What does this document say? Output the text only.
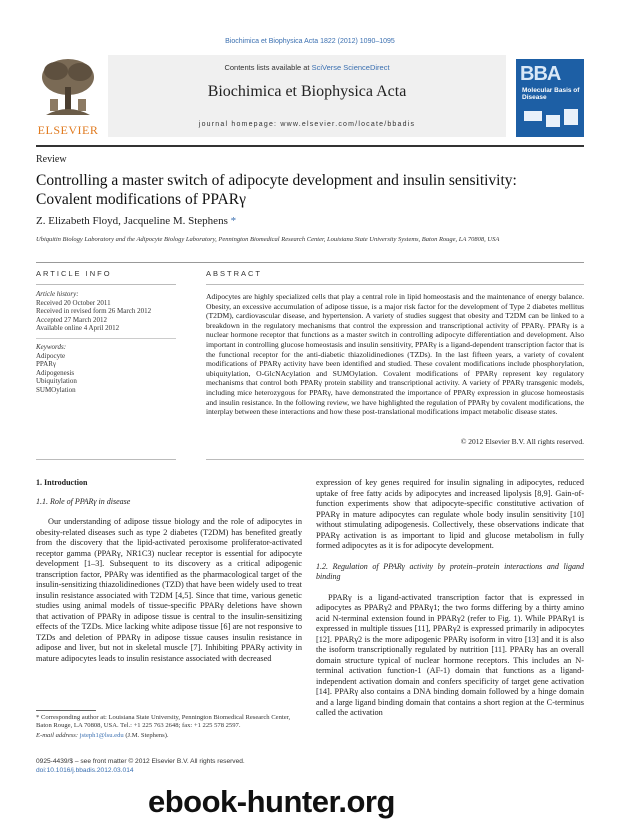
Biochimica et Biophysica Acta 1822 (2012) 1090–1095
ELSEVIER
Contents lists available at SciVerse ScienceDirect
Biochimica et Biophysica Acta
journal homepage: www.elsevier.com/locate/bbadis
BBA
Molecular Basis of Disease
Review
Controlling a master switch of adipocyte development and insulin sensitivity:
Covalent modifications of PPARγ
Z. Elizabeth Floyd, Jacqueline M. Stephens *
Ubiquitin Biology Laboratory and the Adipocyte Biology Laboratory, Pennington Biomedical Research Center, Louisiana State University Systems, Baton Rouge, LA 70808, USA
ARTICLE INFO	ABSTRACT
Article history:
Received 20 October 2011
Received in revised form 26 March 2012
Accepted 27 March 2012
Available online 4 April 2012
Keywords:
Adipocyte
PPARγ
Adipogenesis
Ubiquitylation
SUMOylation
Adipocytes are highly specialized cells that play a central role in lipid homeostasis and the maintenance of energy balance. Obesity, an excessive accumulation of adipose tissue, is a major risk factor for the development of Type 2 diabetes mellitus (T2DM), cardiovascular disease, and hypertension. A variety of studies suggest that obesity and T2DM can be linked to a breakdown in the regulatory mechanisms that control the expression and transcriptional activity of PPARγ. PPARγ is a nuclear hormone receptor that functions as a master switch in controlling adipocyte differentiation and development. Also important in controlling glucose homeostasis and insulin sensitivity, PPARγ is a ligand-dependent transcription factor that is the functional receptor for the anti-diabetic thiazolidinediones (TZDs). In the last fifteen years, a variety of covalent modifications of PPARγ activity have been identified and studied. These covalent modifications include phosphorylation, ubiquitylation, O-GlcNAcylation and SUMOylation. Covalent modifications of PPARγ represent key regulatory mechanisms that control both PPARγ protein stability and transcriptional activity. A variety of PPARγ transgenic models, including mice heterozygous for PPARγ, have demonstrated the importance of PPARγ expression in glucose homeostasis and insulin resistance. In the following review, we have highlighted the regulation of PPARγ by covalent modifications, the interplay between these interactions and how these post-translational modifications impact metabolic disease states.
© 2012 Elsevier B.V. All rights reserved.

1. Introduction

1.1. Role of PPARγ in disease

Our understanding of adipose tissue biology and the role of adipocytes in obesity-related diseases such as type 2 diabetes (T2DM) has benefited greatly from the discovery that the lipid-activated peroxisome proliferator-activated receptor gamma (PPARγ, NR1C3) nuclear receptor is essential for adipocyte development [1–3]. Subsequent to its discovery as a critical adipogenic transcription factor, PPARγ was identified as the pharmacological target of the insulin-sensitizing thiazolidinediones (TZD) that have been widely used to treat insulin resistance associated with T2DM [4,5]. Since that time, various genetic studies using animal models of tissue-specific PPARγ deletions have shown that activation of PPARγ in adipose tissue is central to the insulin-sensitizing effects of the TZDs. Mice lacking white adipose tissue [6] are not responsive to TZDs and deletion of PPARγ in adipose tissue causes insulin resistance in adipose and liver, but not in skeletal muscle [7]. Inhibiting PPARγ activity in mature adipocytes leads to insulin resistance associated with decreased

* Corresponding author at: Louisiana State University, Pennington Biomedical Research Center, Baton Rouge, LA 70808, USA. Tel.: +1 225 763 2648; fax: +1 225 578 2597.
E-mail address: jsteph1@lsu.edu (J.M. Stephens).
0925-4439/$ – see front matter © 2012 Elsevier B.V. All rights reserved.
doi:10.1016/j.bbadis.2012.03.014

expression of key genes required for insulin signaling in adipocytes, reduced uptake of free fatty acids by adipocytes and increased lipolysis [8,9]. Gain-of-function experiments show that adipocyte-specific constitutive activation of PPARγ in mature adipocytes can regulate whole body insulin sensitivity [10] without stimulating adipogenesis. Collectively, these observations indicate that PPARγ activation is as important to lipid and glucose metabolism in fully formed adipocytes as it is for adipocyte development.

1.2. Regulation of PPARγ activity by protein–protein interactions and ligand binding

PPARγ is a ligand-activated transcription factor that is expressed in adipocytes as PPARγ2 and PPARγ1; the two forms differing by a thirty amino acid N-terminal extension found in PPARγ2 (refer to Fig. 1). While PPARγ1 is expressed in multiple tissues [11], PPARγ2 is expressed primarily in adipocytes [12]. PPARγ2 is the more adipogenic PPARγ isoform in vitro [13] and it is also the isoform transcriptionally regulated by nutrition [11]. PPARγ has an overall domain structure typical of nuclear hormone receptors. This includes an N-terminal activation function-1 (AF-1) domain that functions as a ligand-independent activation domain and confers specificity of target gene activation [14]. PPARγ also contains a DNA binding domain followed by a hinge domain and a large ligand binding domain that contains a short region at the C-terminus called the activation

ebook-hunter.org
